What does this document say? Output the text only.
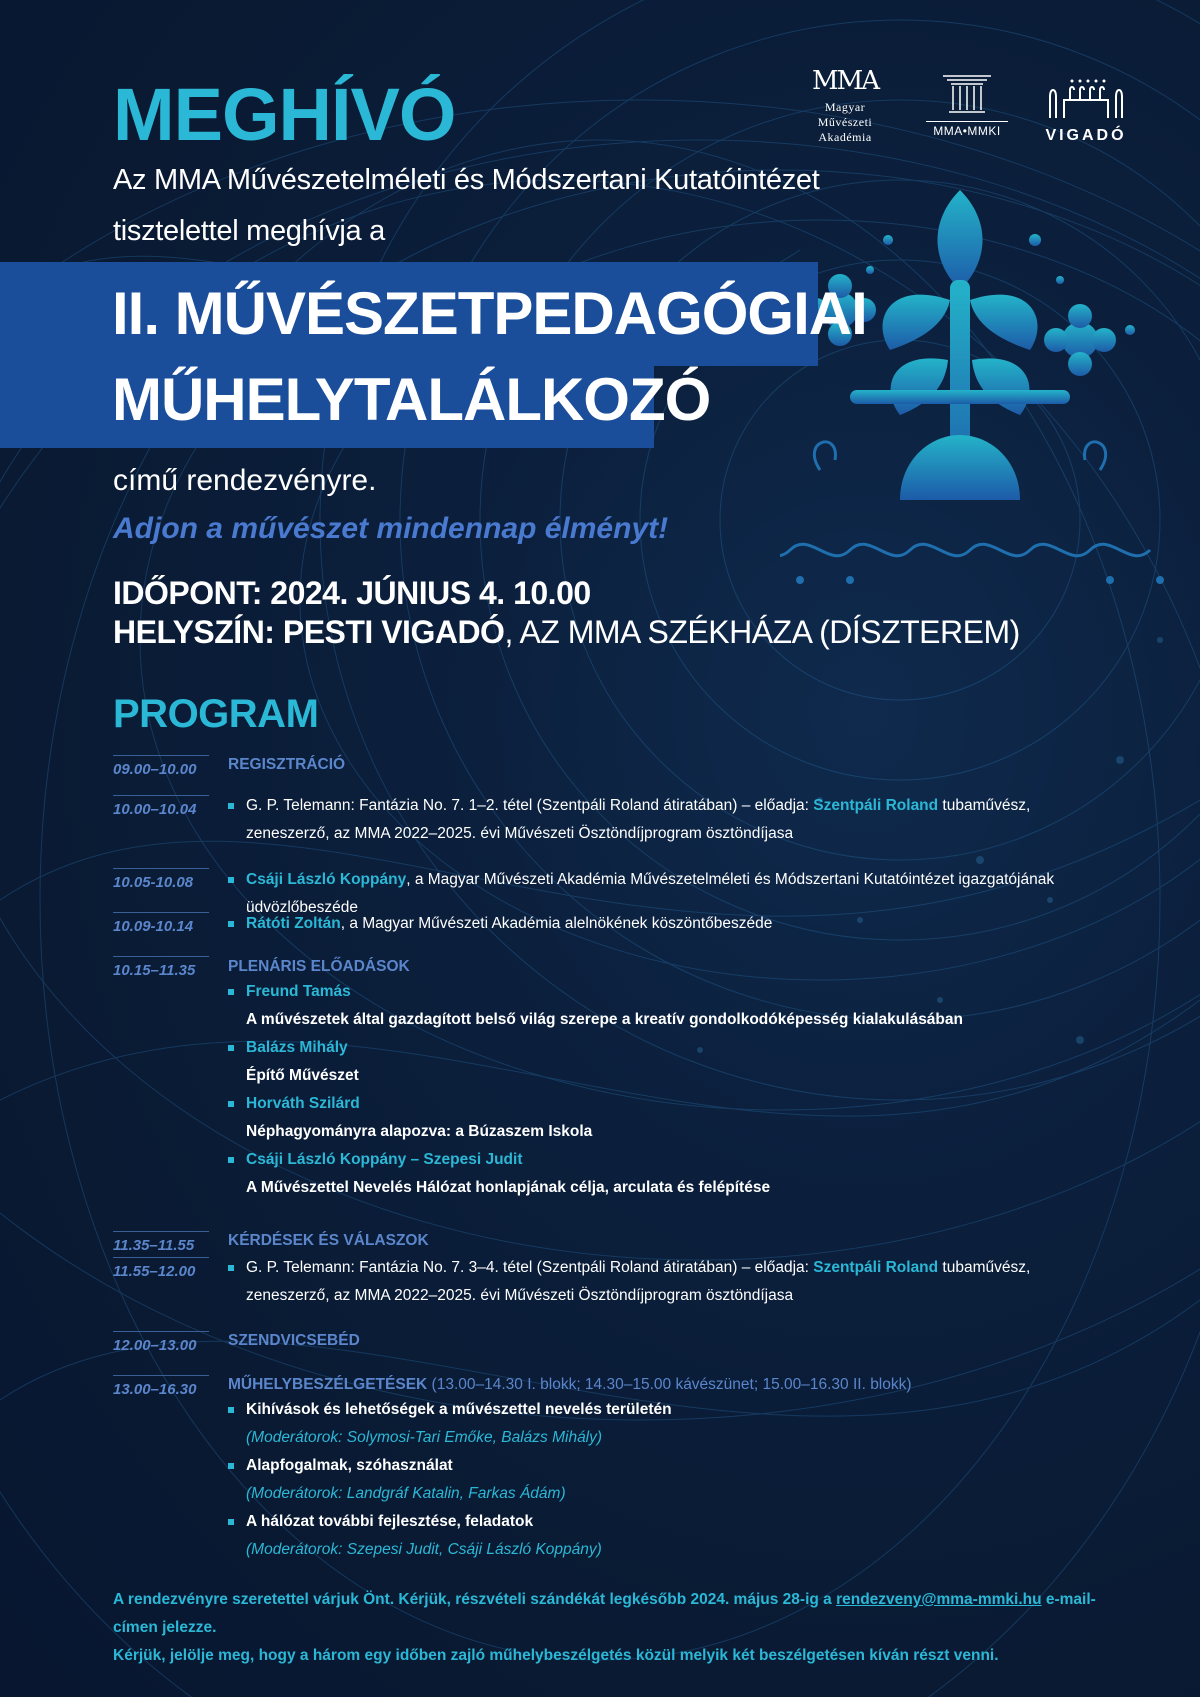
MMA
Magyar
Művészeti
Akadémia	MMA•MMKI	VIGADÓ
MEGHÍVÓ
Az MMA Művészetelméleti és Módszertani Kutatóintézet
tisztelettel meghívja a
II. MŰVÉSZETPEDAGÓGIAI
MŰHELYTALÁLKOZÓ
című rendezvényre.
Adjon a művészet mindennap élményt!
IDŐPONT: 2024. JÚNIUS 4. 10.00
HELYSZÍN: PESTI VIGADÓ, AZ MMA SZÉKHÁZA (DÍSZTEREM)
PROGRAM
09.00–10.00	REGISZTRÁCIÓ
10.00–10.04	G. P. Telemann: Fantázia No. 7. 1–2. tétel (Szentpáli Roland átiratában) – előadja: Szentpáli Roland tubaművész, zeneszerző, az MMA 2022–2025. évi Művészeti Ösztöndíjprogram ösztöndíjasa
10.05-10.08	Csáji László Koppány, a Magyar Művészeti Akadémia Művészetelméleti és Módszertani Kutatóintézet igazgatójának üdvözlőbeszéde
10.09-10.14	Rátóti Zoltán, a Magyar Művészeti Akadémia alelnökének köszöntőbeszéde
10.15–11.35	PLENÁRIS ELŐADÁSOK
Freund Tamás
A művészetek által gazdagított belső világ szerepe a kreatív gondolkodóképesség kialakulásában
Balázs Mihály
Építő Művészet
Horváth Szilárd
Néphagyományra alapozva: a Búzaszem Iskola
Csáji László Koppány – Szepesi Judit
A Művészettel Nevelés Hálózat honlapjának célja, arculata és felépítése
11.35–11.55	KÉRDÉSEK ÉS VÁLASZOK
11.55–12.00	G. P. Telemann: Fantázia No. 7. 3–4. tétel (Szentpáli Roland átiratában) – előadja: Szentpáli Roland tubaművész, zeneszerző, az MMA 2022–2025. évi Művészeti Ösztöndíjprogram ösztöndíjasa
12.00–13.00	SZENDVICSEBÉD
13.00–16.30	MŰHELYBESZÉLGETÉSEK (13.00–14.30 I. blokk; 14.30–15.00 kávészünet; 15.00–16.30 II. blokk)
Kihívások és lehetőségek a művészettel nevelés területén
(Moderátorok: Solymosi-Tari Emőke, Balázs Mihály)
Alapfogalmak, szóhasználat
(Moderátorok: Landgráf Katalin, Farkas Ádám)
A hálózat további fejlesztése, feladatok
(Moderátorok: Szepesi Judit, Csáji László Koppány)
A rendezvényre szeretettel várjuk Önt. Kérjük, részvételi szándékát legkésőbb 2024. május 28-ig a rendezveny@mma-mmki.hu e-mail-címen jelezze.
Kérjük, jelölje meg, hogy a három egy időben zajló műhelybeszélgetés közül melyik két beszélgetésen kíván részt venni.
